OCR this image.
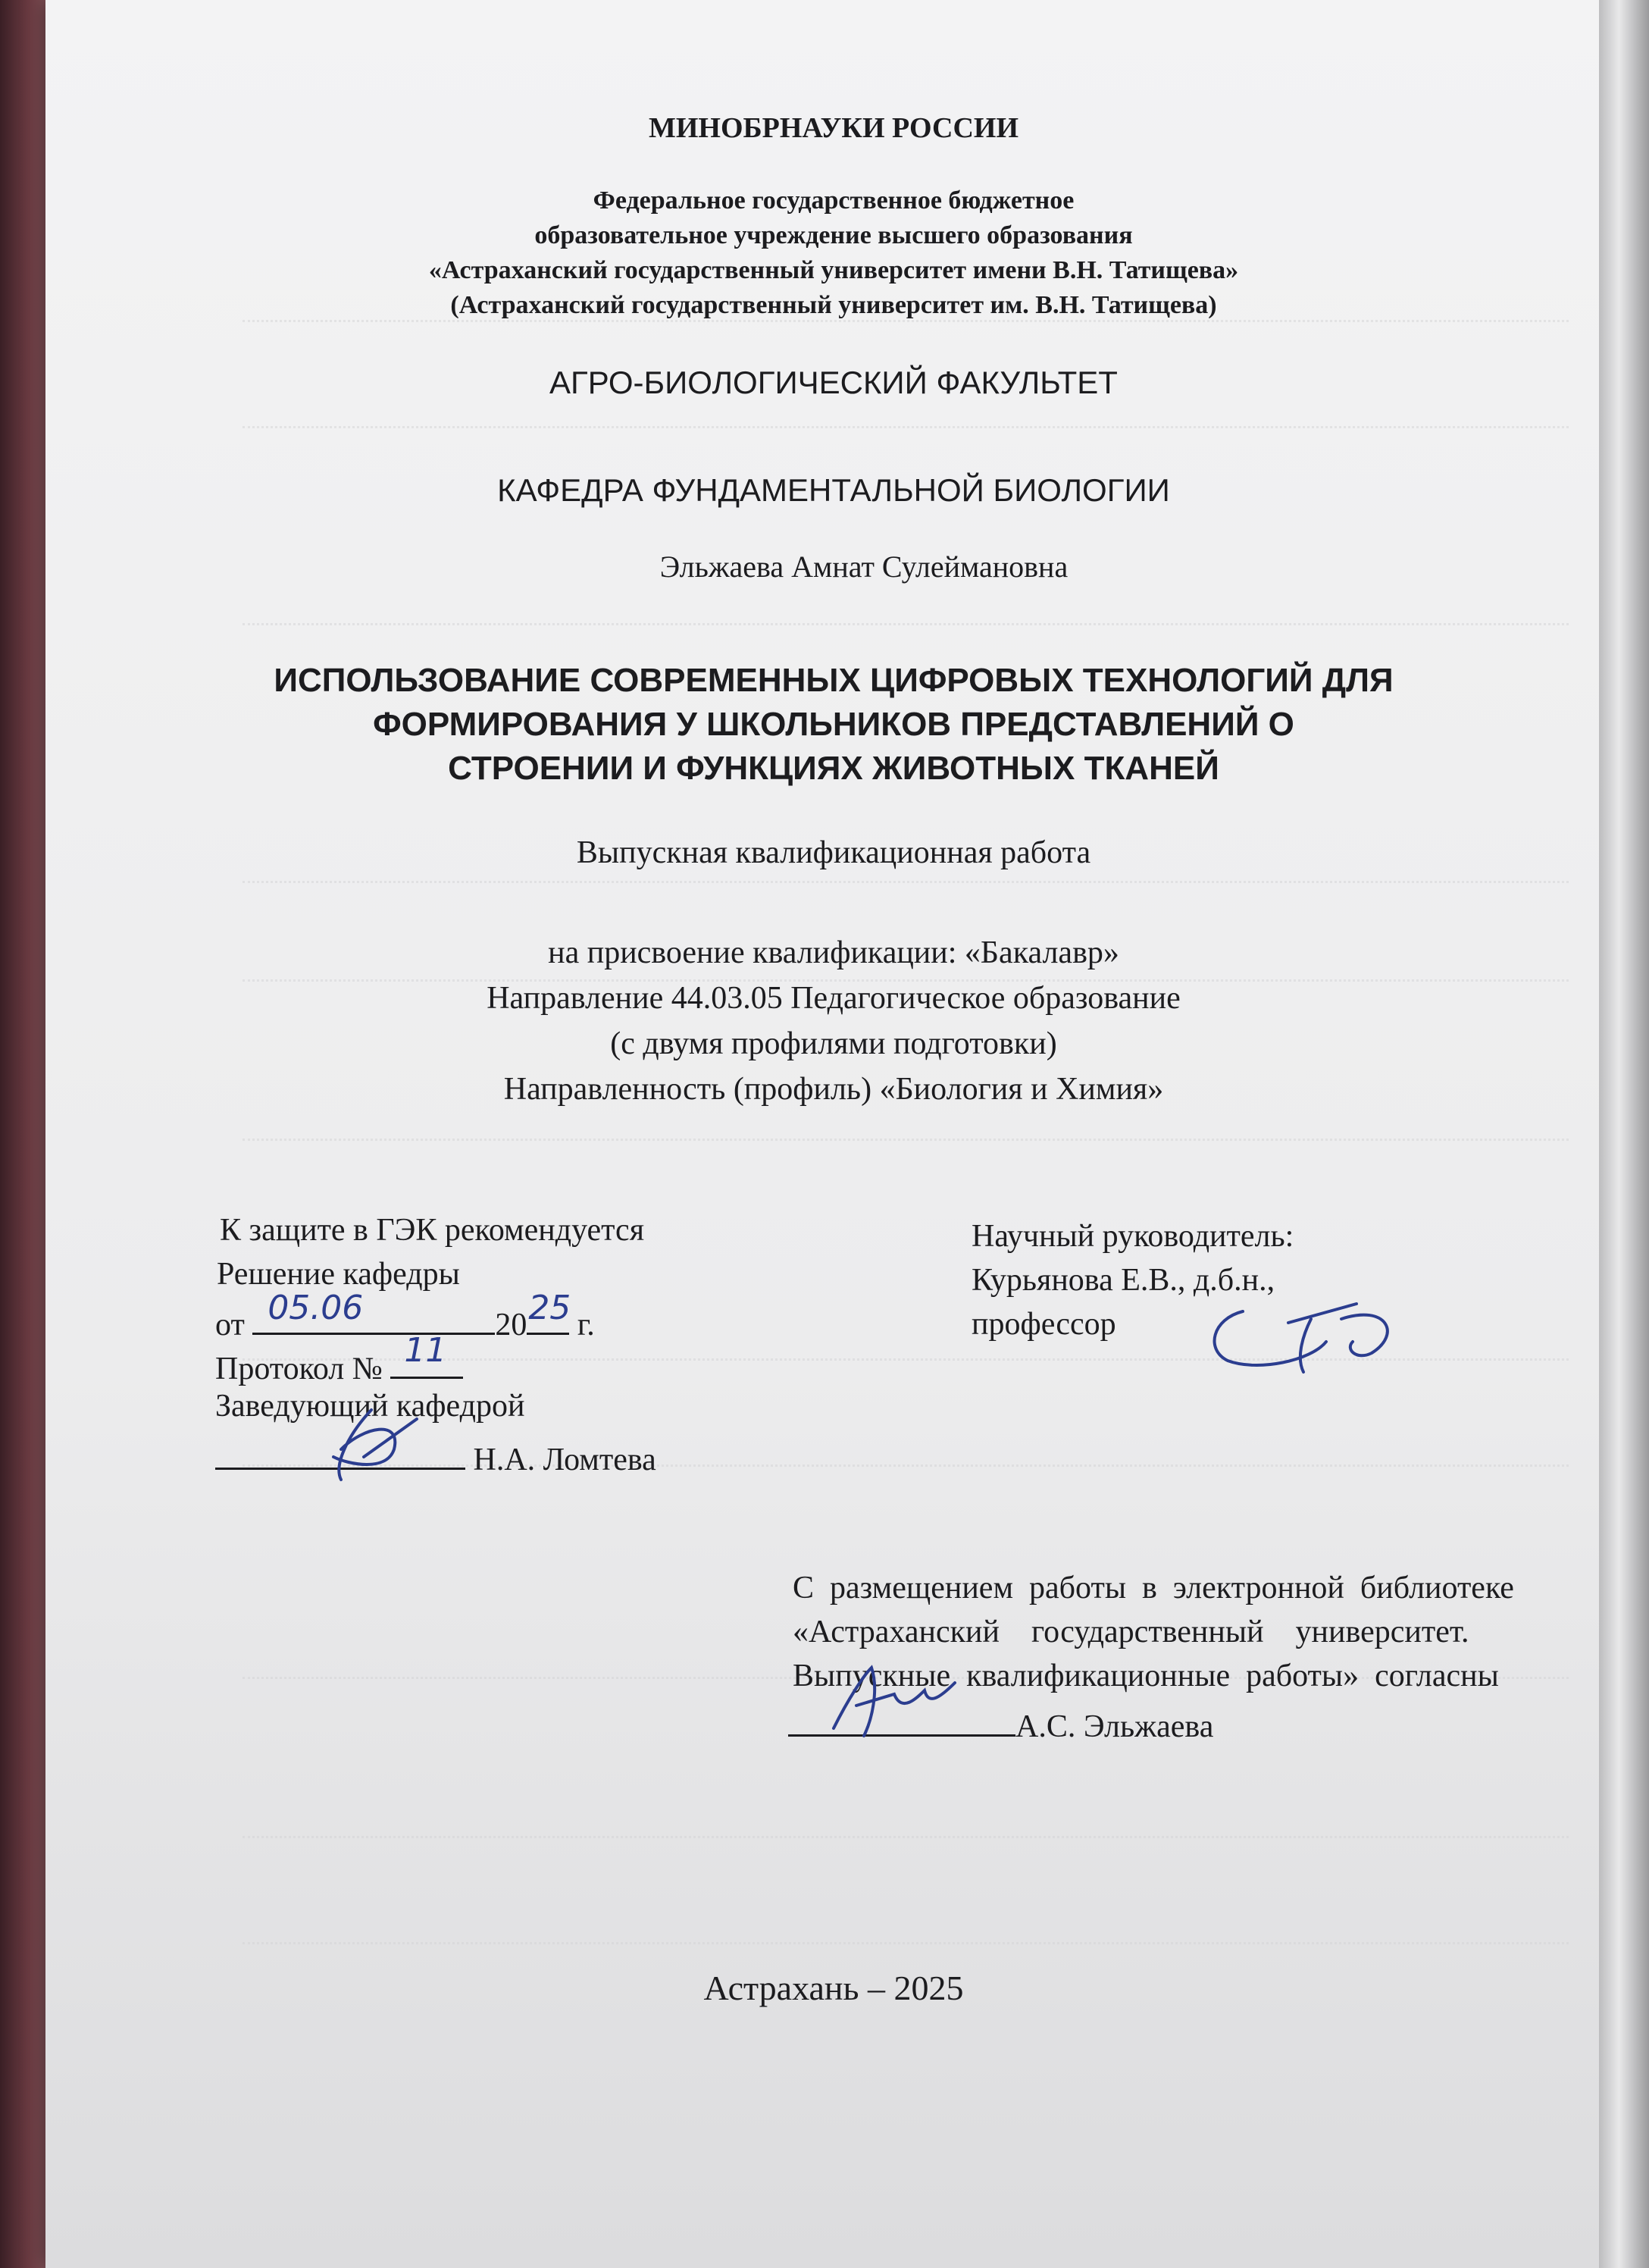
МИНОБРНАУКИ РОССИИ
Федеральное государственное бюджетное
образовательное учреждение высшего образования
«Астраханский государственный университет имени В.Н. Татищева»
(Астраханский государственный университет им. В.Н. Татищева)
АГРО-БИОЛОГИЧЕСКИЙ ФАКУЛЬТЕТ
КАФЕДРА ФУНДАМЕНТАЛЬНОЙ БИОЛОГИИ
Эльжаева Амнат Сулеймановна
ИСПОЛЬЗОВАНИЕ СОВРЕМЕННЫХ ЦИФРОВЫХ ТЕХНОЛОГИЙ ДЛЯ
ФОРМИРОВАНИЯ У ШКОЛЬНИКОВ ПРЕДСТАВЛЕНИЙ О
СТРОЕНИИ И ФУНКЦИЯХ ЖИВОТНЫХ ТКАНЕЙ
Выпускная квалификационная работа
на присвоение квалификации: «Бакалавр»
Направление 44.03.05 Педагогическое образование
(с двумя профилями подготовки)
Направленность (профиль) «Биология и Химия»
К защите в ГЭК рекомендуется
Решение кафедры
от 05.06	20 25 г.
Протокол № 11
Заведующий кафедрой
Н.А. Ломтева
Научный руководитель:
Курьянова Е.В., д.б.н.,
профессор
С  размещением  работы  в  электронной  библиотеке
«Астраханский    государственный    университет.
Выпускные  квалификационные  работы»  согласны
А.С. Эльжаева
Астрахань – 2025
